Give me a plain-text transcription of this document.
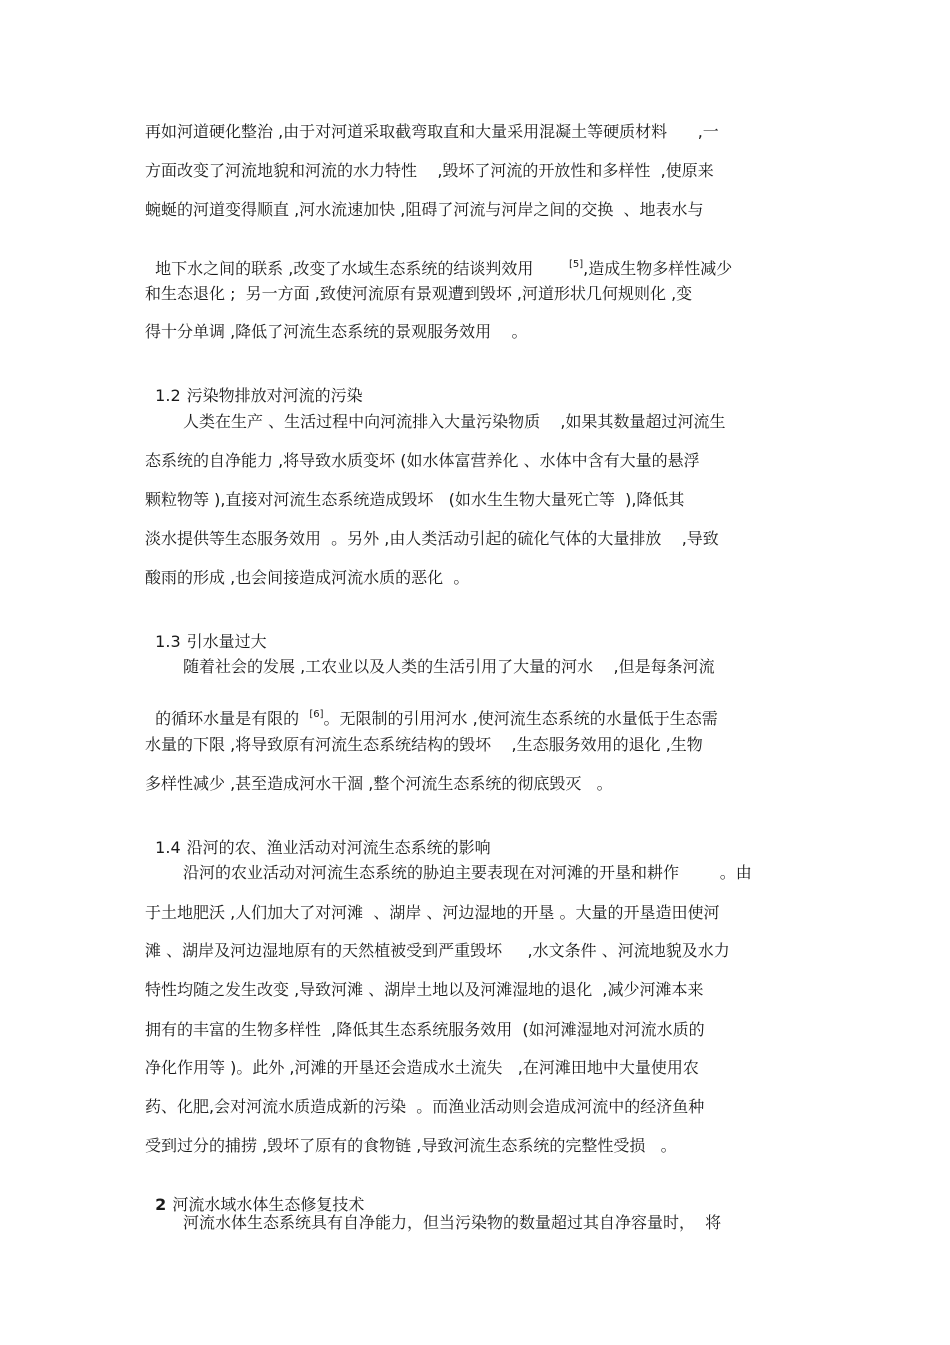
再如河道硬化整治 ,由于对河道采取截弯取直和大量采用混凝土等硬质材料      ,一
方面改变了河流地貌和河流的水力特性    ,毁坏了河流的开放性和多样性  ,使原来
蜿蜒的河道变得顺直 ,河水流速加快 ,阻碍了河流与河岸之间的交换  、地表水与

地下水之间的联系 ,改变了水域生态系统的结谈判效用       [5],造成生物多样性减少

和生态退化 ;  另一方面 ,致使河流原有景观遭到毁坏 ,河道形状几何规则化 ,变
得十分单调 ,降低了河流生态系统的景观服务效用    。

1.2 污染物排放对河流的污染

人类在生产 、生活过程中向河流排入大量污染物质    ,如果其数量超过河流生
态系统的自净能力 ,将导致水质变坏 (如水体富营养化 、水体中含有大量的悬浮
颗粒物等 ),直接对河流生态系统造成毁坏   (如水生生物大量死亡等  ),降低其
淡水提供等生态服务效用  。另外 ,由人类活动引起的硫化气体的大量排放    ,导致
酸雨的形成 ,也会间接造成河流水质的恶化  。

1.3 引水量过大

随着社会的发展 ,工农业以及人类的生活引用了大量的河水    ,但是每条河流

的循环水量是有限的  [6]。无限制的引用河水 ,使河流生态系统的水量低于生态需

水量的下限 ,将导致原有河流生态系统结构的毁坏    ,生态服务效用的退化 ,生物
多样性减少 ,甚至造成河水干涸 ,整个河流生态系统的彻底毁灭   。

1.4 沿河的农、渔业活动对河流生态系统的影响

沿河的农业活动对河流生态系统的胁迫主要表现在对河滩的开垦和耕作        。由
于土地肥沃 ,人们加大了对河滩  、湖岸 、河边湿地的开垦 。大量的开垦造田使河
滩 、湖岸及河边湿地原有的天然植被受到严重毁坏     ,水文条件 、河流地貌及水力
特性均随之发生改变 ,导致河滩 、湖岸土地以及河滩湿地的退化  ,减少河滩本来
拥有的丰富的生物多样性  ,降低其生态系统服务效用  (如河滩湿地对河流水质的
净化作用等 )。此外 ,河滩的开垦还会造成水土流失   ,在河滩田地中大量使用农
药、化肥,会对河流水质造成新的污染  。而渔业活动则会造成河流中的经济鱼种
受到过分的捕捞 ,毁坏了原有的食物链 ,导致河流生态系统的完整性受损   。

2 河流水域水体生态修复技术

河流水体生态系统具有自净能力，但当污染物的数量超过其自净容量时，  将
